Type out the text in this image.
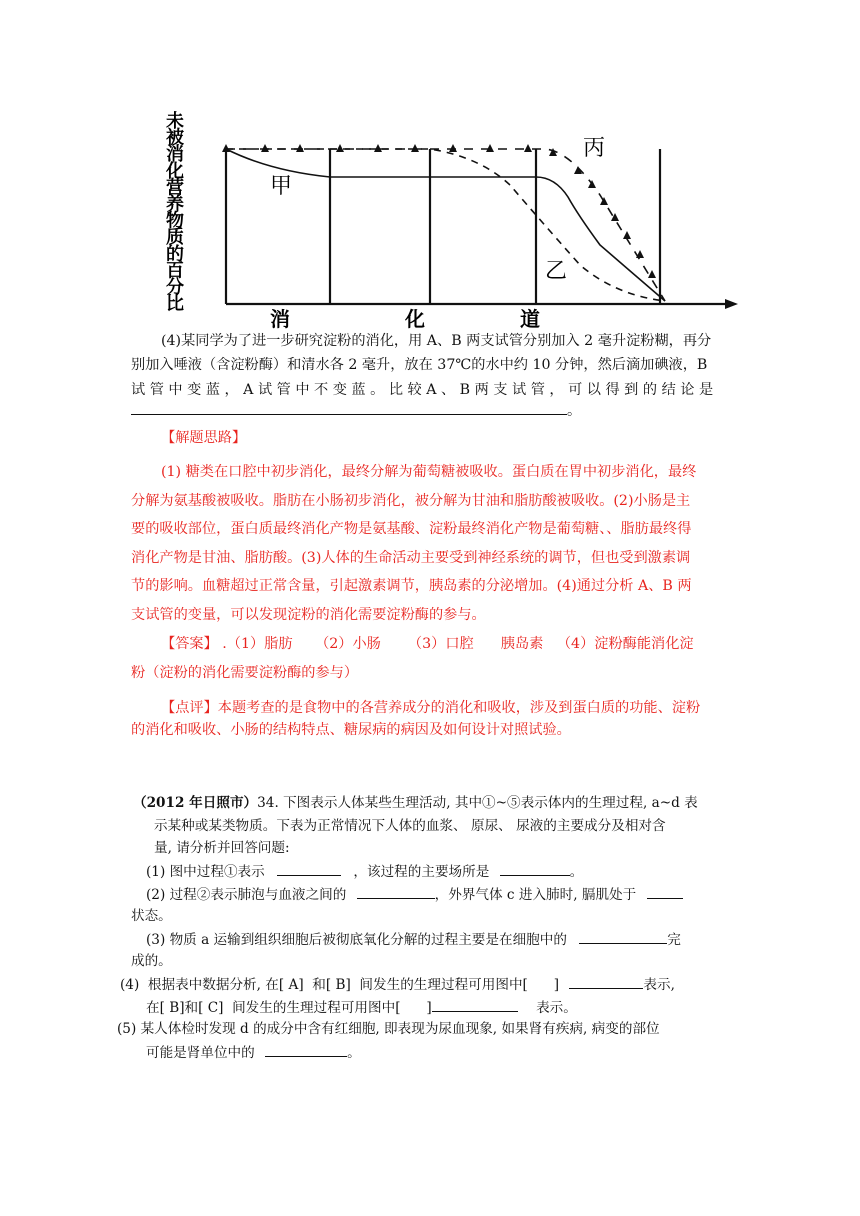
未
被
消
化
营
养
物
质
的
百
分
比
甲
乙
丙
消	化	道
(4)某同学为了进一步研究淀粉的消化，用 A、B 两支试管分别加入 2 毫升淀粉糊，再分
别加入唾液（含淀粉酶）和清水各 2 毫升，放在 37℃的水中约 10 分钟，然后滴加碘液，B
试 管 中 变 蓝 ， A 试 管 中 不 变 蓝 。 比 较 A 、 B 两 支 试 管 ， 可 以 得 到 的 结 论 是
。
【解题思路】
(1) 糖类在口腔中初步消化，最终分解为葡萄糖被吸收。蛋白质在胃中初步消化，最终
分解为氨基酸被吸收。脂肪在小肠初步消化，被分解为甘油和脂肪酸被吸收。(2)小肠是主
要的吸收部位，蛋白质最终消化产物是氨基酸、淀粉最终消化产物是葡萄糖、、脂肪最终得
消化产物是甘油、脂肪酸。(3)人体的生命活动主要受到神经系统的调节，但也受到激素调
节的影响。血糖超过正常含量，引起激素调节，胰岛素的分泌增加。(4)通过分析 A、B 两
支试管的变量，可以发现淀粉的消化需要淀粉酶的参与。
【答案】 .（1）脂肪     （2）小肠      （3）口腔      胰岛素   （4）淀粉酶能消化淀
粉（淀粉的消化需要淀粉酶的参与）
【点评】本题考查的是食物中的各营养成分的消化和吸收，涉及到蛋白质的功能、淀粉
的消化和吸收、小肠的结构特点、糖尿病的病因及如何设计对照试验。
（2012 年日照市）34. 下图表示人体某些生理活动, 其中①~⑤表示体内的生理过程, a~d 表
示某种或某类物质。下表为正常情况下人体的血浆、 原尿、 尿液的主要成分及相对含
量, 请分析并回答问题:
(1) 图中过程①表示	，该过程的主要场所是	。
(2) 过程②表示肺泡与血液之间的	，外界气体 c 进入肺时, 膈肌处于
状态。
(3) 物质 a 运输到组织细胞后被彻底氧化分解的过程主要是在细胞中的	完
成的。
(4)  根据表中数据分析, 在[ A]  和[ B]  间发生的生理过程可用图中[      ]	表示,
在[ B]和[ C]  间发生的生理过程可用图中[      ]	表示。
(5) 某人体检时发现 d 的成分中含有红细胞, 即表现为尿血现象, 如果肾有疾病, 病变的部位
可能是肾单位中的	。
